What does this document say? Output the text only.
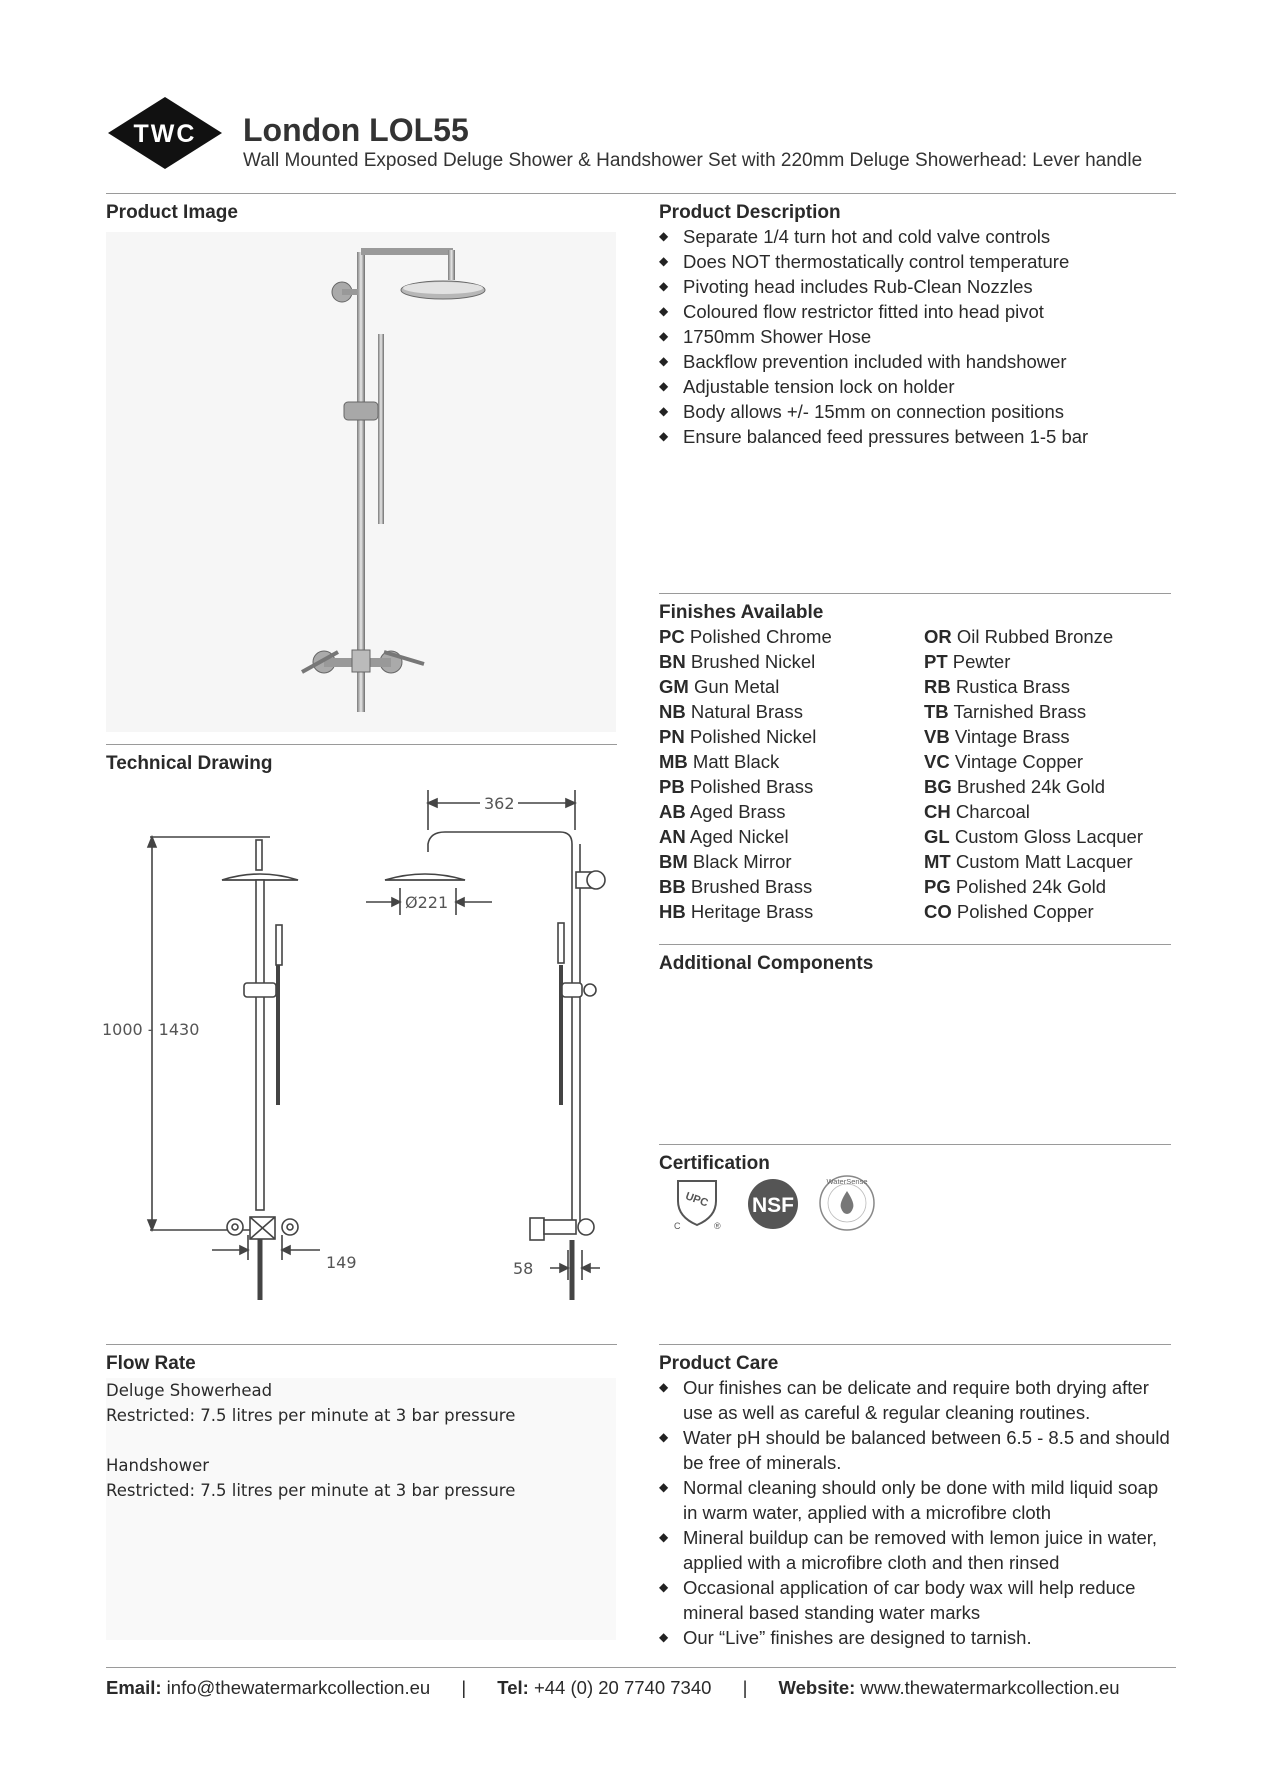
TWC London LOL55
Wall Mounted Exposed Deluge Shower & Handshower Set with 220mm Deluge Showerhead: Lever handle
Product Image
Technical Drawing
1000 - 1430
362
Ø221
149	58
Flow Rate
Deluge Showerhead
Restricted: 7.5 litres per minute at 3 bar pressure
Handshower
Restricted: 7.5 litres per minute at 3 bar pressure
Product Description
◆ Separate 1/4 turn hot and cold valve controls
◆ Does NOT thermostatically control temperature
◆ Pivoting head includes Rub-Clean Nozzles
◆ Coloured flow restrictor fitted into head pivot
◆ 1750mm Shower Hose
◆ Backflow prevention included with handshower
◆ Adjustable tension lock on holder
◆ Body allows +/- 15mm on connection positions
◆ Ensure balanced feed pressures between 1-5 bar
Finishes Available
PC Polished Chrome
BN Brushed Nickel
GM Gun Metal
NB Natural Brass
PN Polished Nickel
MB Matt Black
PB Polished Brass
AB Aged Brass
AN Aged Nickel
BM Black Mirror
BB Brushed Brass
HB Heritage Brass
OR Oil Rubbed Bronze
PT Pewter
RB Rustica Brass
TB Tarnished Brass
VB Vintage Brass
VC Vintage Copper
BG Brushed 24k Gold
CH Charcoal
GL Custom Gloss Lacquer
MT Custom Matt Lacquer
PG Polished 24k Gold
CO Polished Copper
Additional Components
Certification
UPC
C	®
NSF
WaterSense
Product Care
◆ Our finishes can be delicate and require both drying after use as well as careful & regular cleaning routines.
◆ Water pH should be balanced between 6.5 - 8.5 and should be free of minerals.
◆ Normal cleaning should only be done with mild liquid soap in warm water, applied with a microfibre cloth
◆ Mineral buildup can be removed with lemon juice in water, applied with a microfibre cloth and then rinsed
◆ Occasional application of car body wax will help reduce mineral based standing water marks
◆ Our “Live” finishes are designed to tarnish.
Email: info@thewatermarkcollection.eu | Tel: +44 (0) 20 7740 7340 | Website: www.thewatermarkcollection.eu
